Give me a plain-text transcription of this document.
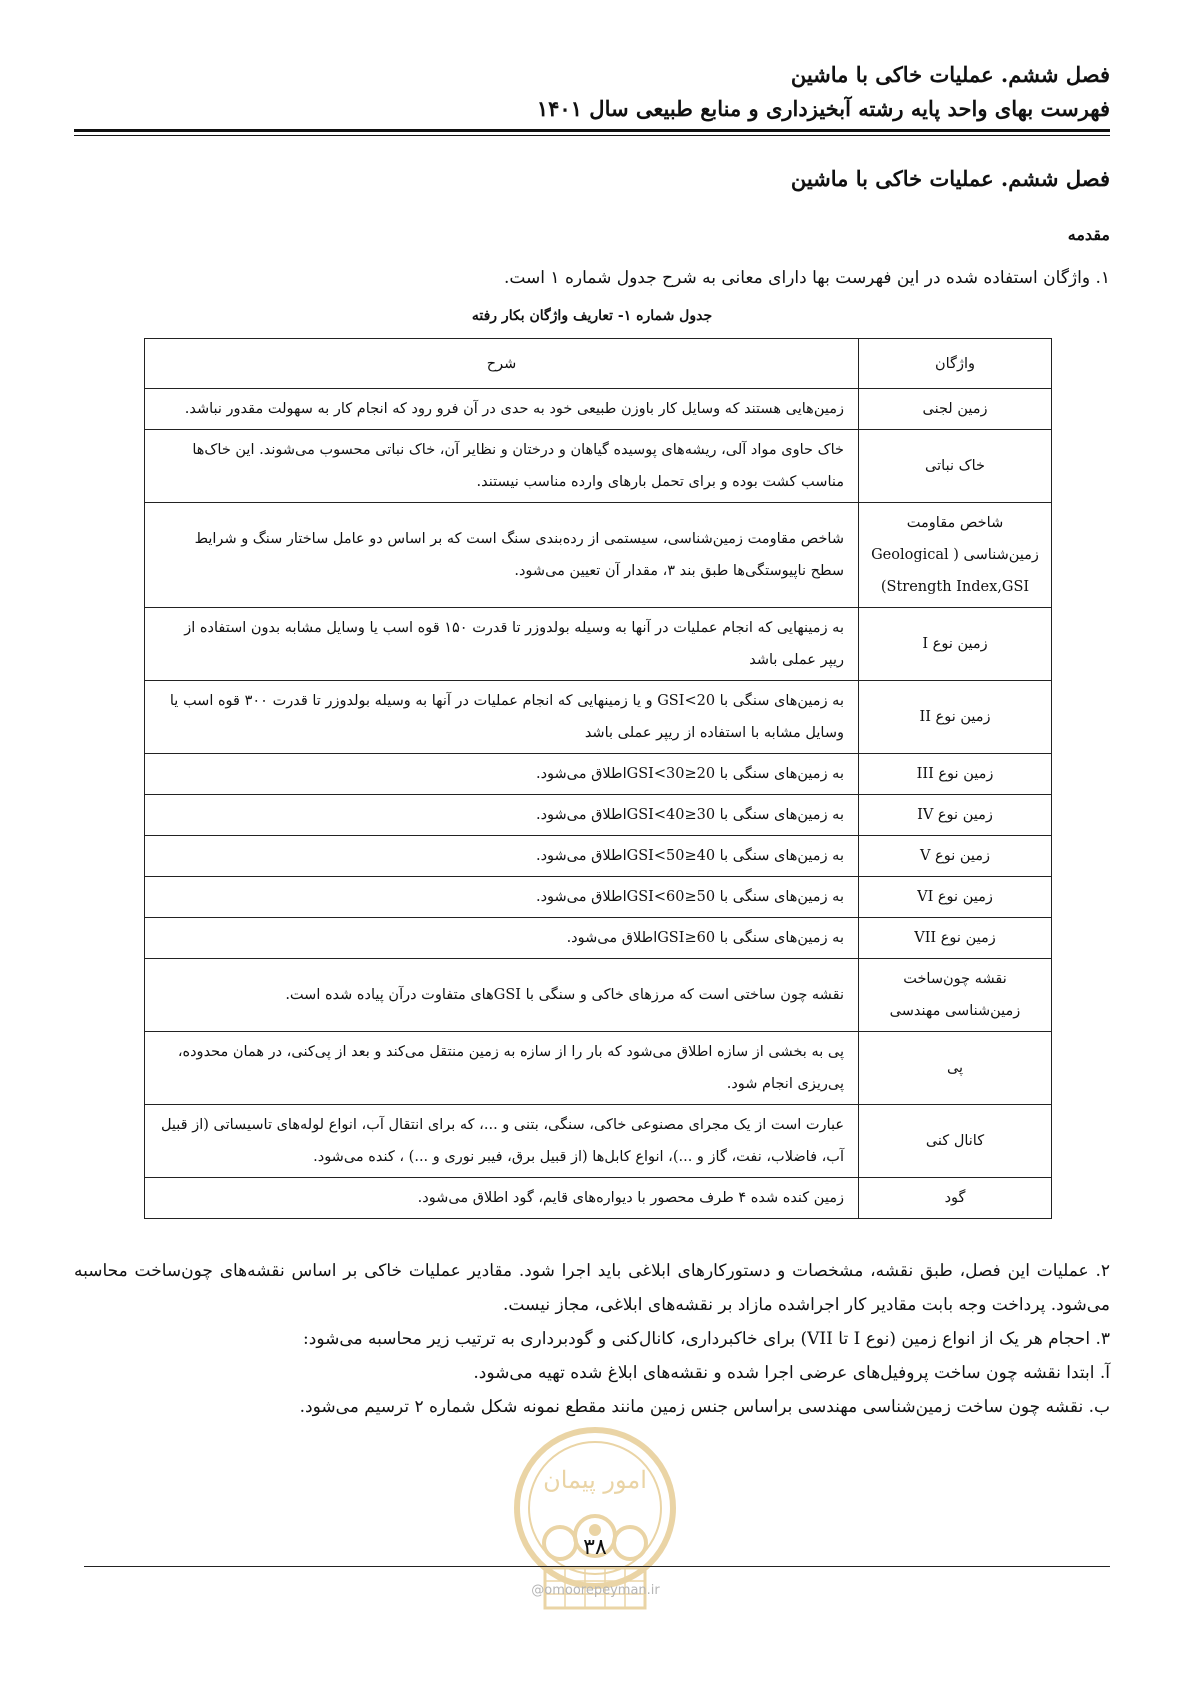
فصل ششم. عملیات خاکی با ماشین
فهرست بهای واحد پایه رشته آبخیزداری و منابع طبیعی سال ۱۴۰۱
فصل ششم. عملیات خاکی با ماشین
مقدمه
۱. واژگان استفاده شده در این فهرست بها دارای معانی به شرح جدول شماره ۱ است.
جدول شماره ۱- تعاریف واژگان بکار رفته
واژگان	شرح
زمین لجنی	زمین‌هایی هستند که وسایل کار باوزن طبیعی خود به حدی در آن فرو رود که انجام کار به سهولت مقدور نباشد.
خاک نباتی	خاک حاوی مواد آلی، ریشه‌های پوسیده گیاهان و درختان و نظایر آن، خاک نباتی محسوب می‌شوند. این خاک‌ها مناسب کشت بوده و برای تحمل بارهای وارده مناسب نیستند.
شاخص مقاومت زمین‌شناسی ( Geological Strength Index,GSI)	شاخص مقاومت زمین‌شناسی، سیستمی از رده‌بندی سنگ است که بر اساس دو عامل ساختار سنگ و شرایط سطح ناپیوستگی‌ها طبق بند ۳، مقدار آن تعیین می‌شود.
زمین نوع I	به زمینهایی که انجام عملیات در آنها به وسیله بولدوزر تا قدرت ۱۵۰ قوه اسب یا وسایل مشابه بدون استفاده از ریپر عملی باشد
زمین نوع II	به زمین‌های سنگی با GSI<20 و یا زمینهایی که انجام عملیات در آنها به وسیله بولدوزر تا قدرت ۳۰۰ قوه اسب یا وسایل مشابه با استفاده از ریپر عملی باشد
زمین نوع III	به زمین‌های سنگی با 20≤GSI<30اطلاق می‌شود.
زمین نوع IV	به زمین‌های سنگی با 30≤GSI<40اطلاق می‌شود.
زمین نوع V	به زمین‌های سنگی با 40≤GSI<50اطلاق می‌شود.
زمین نوع VI	به زمین‌های سنگی با 50≤GSI<60اطلاق می‌شود.
زمین نوع VII	به زمین‌های سنگی با 60≤GSIاطلاق می‌شود.
نقشه چون‌ساخت زمین‌شناسی مهندسی	نقشه چون ساختی است که مرزهای خاکی و سنگی با GSIهای متفاوت درآن پیاده شده است.
پی	پی به بخشی از سازه اطلاق می‌شود که بار را از سازه به زمین منتقل می‌کند و بعد از پی‌کنی، در همان محدوده، پی‌ریزی انجام شود.
کانال کنی	عبارت است از یک مجرای مصنوعی خاکی، سنگی، بتنی و ...، که برای انتقال آب، انواع لوله‌های تاسیساتی (از قبیل آب، فاضلاب، نفت، گاز و ...)، انواع کابل‌ها (از قبیل برق، فیبر نوری و ...) ، کنده می‌شود.
گود	زمین کنده شده ۴ طرف محصور با دیواره‌های قایم، گود اطلاق می‌شود.

۲. عملیات این فصل، طبق نقشه، مشخصات و دستورکارهای ابلاغی باید اجرا شود. مقادیر عملیات خاکی بر اساس نقشه‌های چون‌ساخت محاسبه می‌شود. پرداخت وجه بابت مقادیر کار اجراشده مازاد بر نقشه‌های ابلاغی، مجاز نیست.

۳. احجام هر یک از انواع زمین (نوع I تا VII) برای خاکبرداری، کانال‌کنی و گودبرداری به ترتیب زیر محاسبه می‌شود:

آ. ابتدا نقشه چون ساخت پروفیل‌های عرضی اجرا شده و نقشه‌های ابلاغ شده تهیه می‌شود.

ب. نقشه چون ساخت زمین‌شناسی مهندسی براساس جنس زمین مانند مقطع نمونه شکل شماره ۲ ترسیم می‌شود.

امور پیمان
۳۸
@omoorepeyman.ir
